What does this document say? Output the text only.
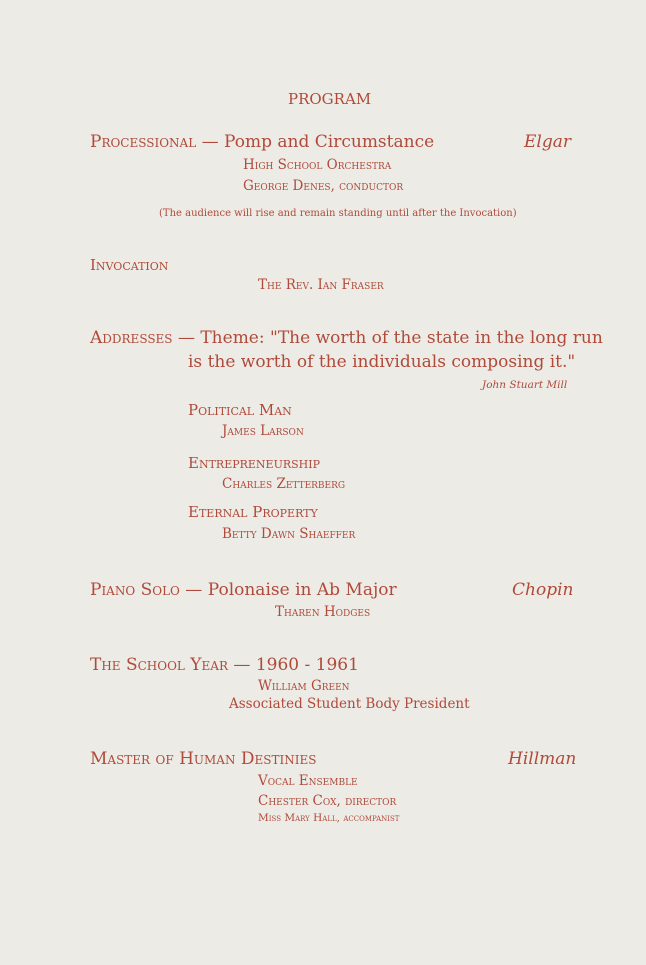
PROGRAM
Processional — Pomp and Circumstance	Elgar
High School Orchestra
George Denes, conductor
(The audience will rise and remain standing until after the Invocation)
Invocation
The Rev. Ian Fraser
Addresses — Theme: "The worth of the state in the long run
is the worth of the individuals composing it."
John Stuart Mill
Political Man
James Larson
Entrepreneurship
Charles Zetterberg
Eternal Property
Betty Dawn Shaeffer
Piano Solo — Polonaise in Ab Major	Chopin
Tharen Hodges
The School Year — 1960 - 1961
William Green
Associated Student Body President
Master of Human Destinies	Hillman
Vocal Ensemble
Chester Cox, director
Miss Mary Hall, accompanist
